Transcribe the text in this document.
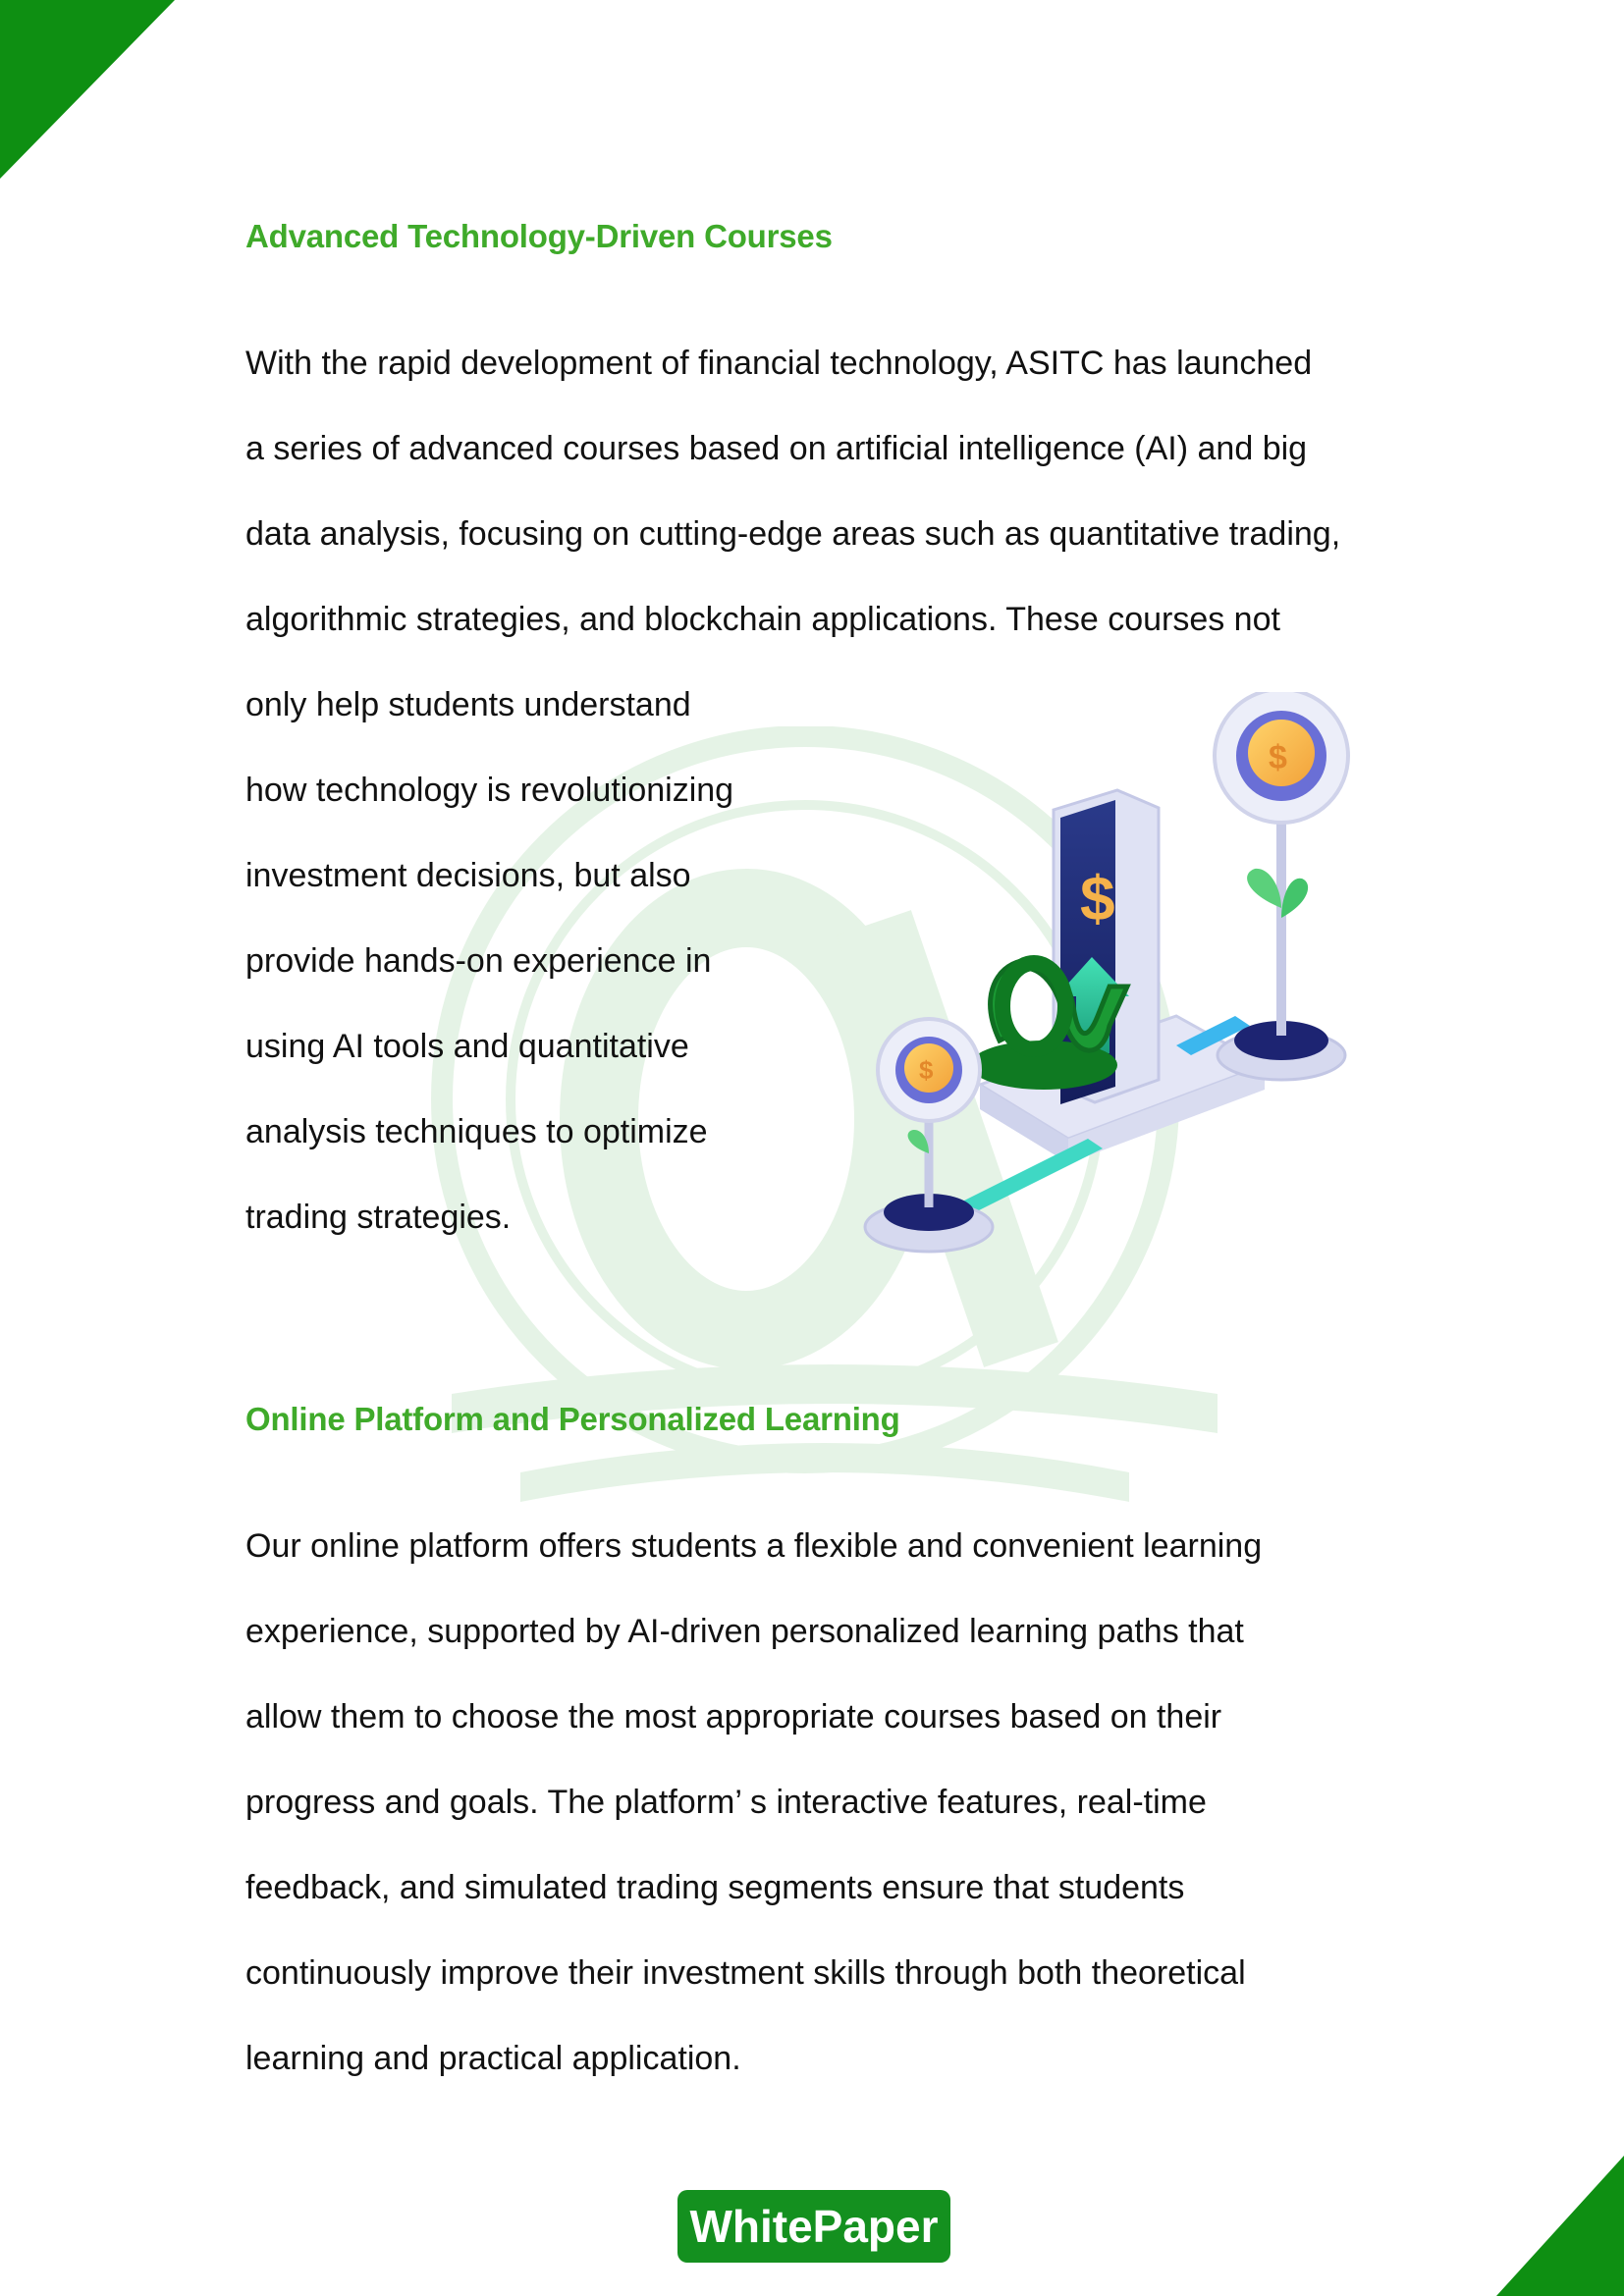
Advanced Technology-Driven Courses
With the rapid development of financial technology, ASITC has launched
a series of advanced courses based on artificial intelligence (AI) and big
data analysis, focusing on cutting-edge areas such as quantitative trading,
algorithmic strategies, and blockchain applications. These courses not
only help students understand
how technology is revolutionizing
investment decisions, but also
provide hands-on experience in
using AI tools and quantitative
analysis techniques to optimize
trading strategies.
Online Platform and Personalized Learning
Our online platform offers students a flexible and convenient learning
experience, supported by AI-driven personalized learning paths that
allow them to choose the most appropriate courses based on their
progress and goals. The platform’ s interactive features, real-time
feedback, and simulated trading segments ensure that students
continuously improve their investment skills through both theoretical
learning and practical application.
$
$
$
WhitePaper
